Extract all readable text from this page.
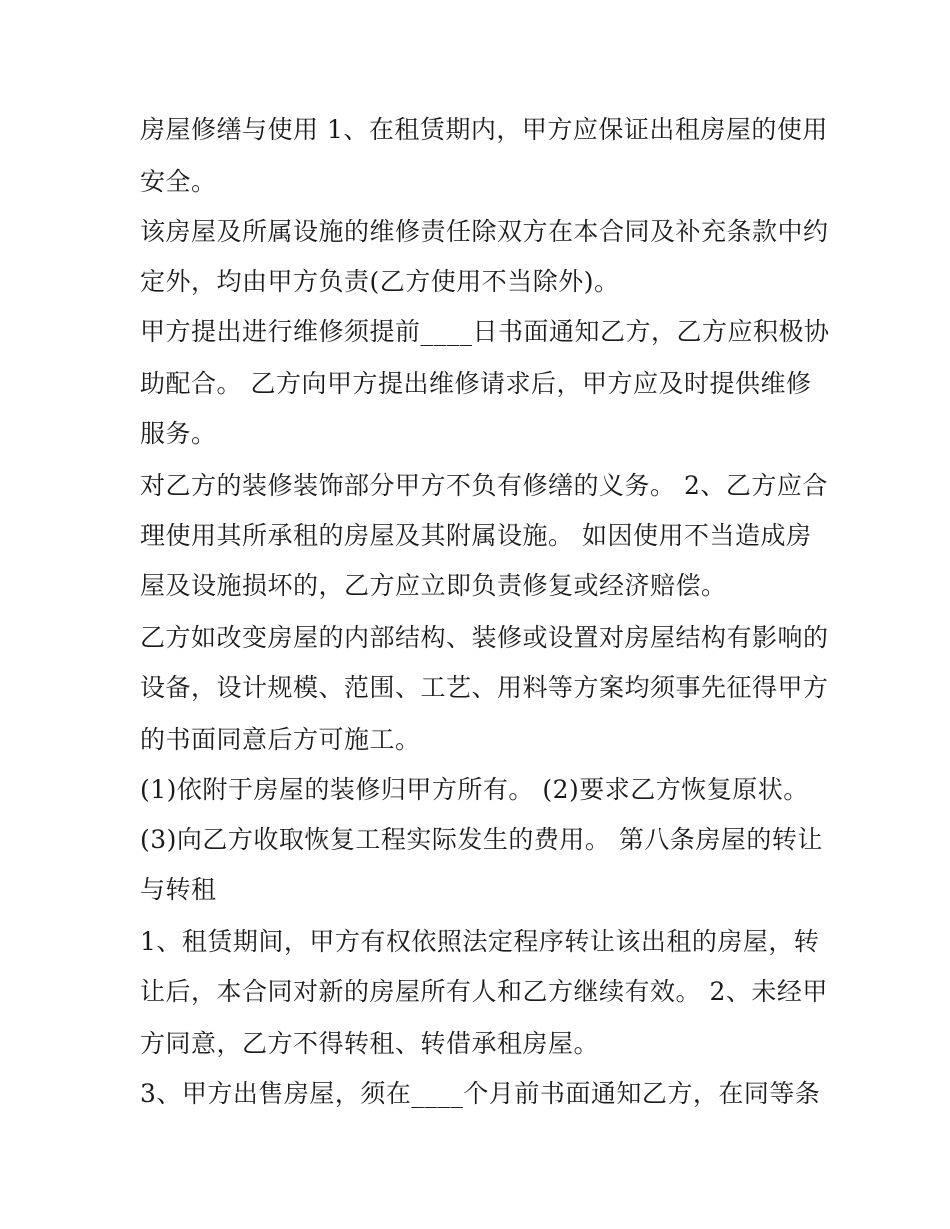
房屋修缮与使用 1、在租赁期内，甲方应保证出租房屋的使用
安全。
该房屋及所属设施的维修责任除双方在本合同及补充条款中约
定外，均由甲方负责(乙方使用不当除外)。
甲方提出进行维修须提前____日书面通知乙方，乙方应积极协
助配合。 乙方向甲方提出维修请求后，甲方应及时提供维修
服务。
对乙方的装修装饰部分甲方不负有修缮的义务。 2、乙方应合
理使用其所承租的房屋及其附属设施。 如因使用不当造成房
屋及设施损坏的，乙方应立即负责修复或经济赔偿。
乙方如改变房屋的内部结构、装修或设置对房屋结构有影响的
设备，设计规模、范围、工艺、用料等方案均须事先征得甲方
的书面同意后方可施工。
(1)依附于房屋的装修归甲方所有。 (2)要求乙方恢复原状。
(3)向乙方收取恢复工程实际发生的费用。 第八条房屋的转让
与转租
1、租赁期间，甲方有权依照法定程序转让该出租的房屋，转
让后，本合同对新的房屋所有人和乙方继续有效。 2、未经甲
方同意，乙方不得转租、转借承租房屋。
3、甲方出售房屋，须在____个月前书面通知乙方，在同等条
